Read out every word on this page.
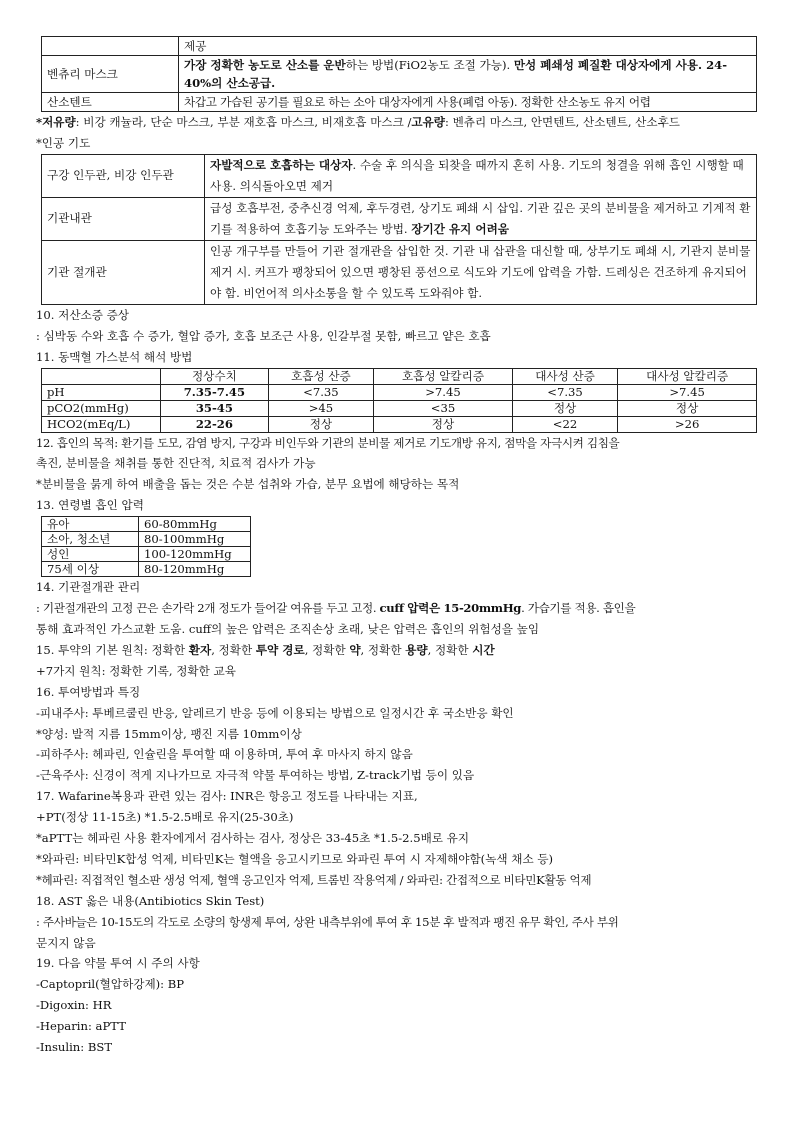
	제공
벤츄리 마스크	가장 정확한 농도로 산소를 운반하는 방법(FiO2농도 조절 가능). 만성 폐쇄성 폐질환 대상자에게 사용. 24-40%의 산소공급.
산소텐트	차갑고 가습된 공기를 필요로 하는 소아 대상자에게 사용(폐렴 아동). 정확한 산소농도 유지 어렵
*저유량: 비강 캐뉼라, 단순 마스크, 부분 재호흡 마스크, 비재호흡 마스크 /고유량: 벤츄리 마스크, 안면텐트, 산소텐트, 산소후드
*인공 기도
구강 인두관, 비강 인두관	자발적으로 호흡하는 대상자. 수술 후 의식을 되찾을 때까지 혼히 사용. 기도의 청결을 위해 흡인 시행할 때 사용. 의식돌아오면 제거
기관내관	급성 호흡부전, 중추신경 억제, 후두경련, 상기도 폐쇄 시 삽입. 기관 깊은 곳의 분비물을 제거하고 기계적 환기를 적용하여 호흡기능 도와주는 방법. 장기간 유지 어려움
기관 절개관	인공 개구부를 만들어 기관 절개관을 삽입한 것. 기관 내 삽관을 대신할 때, 상부기도 폐쇄 시, 기관지 분비물 제거 시. 커프가 팽창되어 있으면 팽창된 풍선으로 식도와 기도에 압력을 가함. 드레싱은 건조하게 유지되어야 함. 비언어적 의사소통을 할 수 있도록 도와줘야 함.
10. 저산소증 증상
: 심박동 수와 호흡 수 증가, 혈압 증가, 호흡 보조근 사용, 인갈부절 못함, 빠르고 얕은 호흡
11. 동맥혈 가스분석 해석 방법
	정상수치	호흡성 산증	호흡성 알칼리증	대사성 산증	대사성 알칼리증
pH	7.35-7.45	<7.35	>7.45	<7.35	>7.45
pCO2(mmHg)	35-45	>45	<35	정상	정상
HCO2(mEq/L)	22-26	정상	정상	<22	>26
12. 흡인의 목적: 환기를 도모, 감염 방지, 구강과 비인두와 기관의 분비물 제거로 기도개방 유지, 점막을 자극시켜 김침을
촉진, 분비물을 채취를 통한 진단적, 치료적 검사가 가능
*분비물을 묽게 하여 배출을 돕는 것은 수분 섭취와 가습, 분무 요법에 해당하는 목적
13. 연령별 흡인 압력
유아	60-80mmHg
소아, 청소년	80-100mmHg
성인	100-120mmHg
75세 이상	80-120mmHg
14. 기관절개관 관리
: 기관절개관의 고정 끈은 손가락 2개 정도가 들어갈 여유를 두고 고정. cuff 압력은 15-20mmHg. 가습기를 적용. 흡인을
통해 효과적인 가스교환 도움. cuff의 높은 압력은 조직손상 초래, 낮은 압력은 흡인의 위험성을 높임
15. 투약의 기본 원칙: 정확한 환자, 정확한 투약 경로, 정확한 약, 정확한 용량, 정확한 시간
+7가지 원칙: 정확한 기록, 정확한 교육
16. 투여방법과 특징
-피내주사: 투베르쿨린 반응, 알레르기 반응 등에 이용되는 방법으로 일정시간 후 국소반응 확인
*양성: 발적 지름 15mm이상, 팽진 지름 10mm이상
-피하주사: 헤파린, 인슐린을 투여할 때 이용하며, 투여 후 마사지 하지 않음
-근육주사: 신경이 적게 지나가므로 자극적 약물 투여하는 방법, Z-track기법 등이 있음
17. Wafarine복용과 관련 있는 검사: INR은 항응고 정도를 나타내는 지표,
+PT(정상 11-15초) *1.5-2.5배로 유지(25-30초)
*aPTT는 헤파린 사용 환자에게서 검사하는 검사, 정상은 33-45초 *1.5-2.5배로 유지
*와파린: 비타민K합성 억제, 비타민K는 혈액을 응고시키므로 와파린 투여 시 자제해야함(녹색 채소 등)
*헤파린: 직접적인 혈소판 생성 억제, 혈액 응고인자 억제, 트롬빈 작용억제 / 와파린: 간접적으로 비타민K활동 억제
18. AST 옳은 내용(Antibiotics Skin Test)
: 주사바늘은 10-15도의 각도로 소량의 항생제 투여, 상완 내측부위에 투여 후 15분 후 발적과 팽진 유무 확인, 주사 부위
문지지 않음
19. 다음 약물 투여 시 주의 사항
-Captopril(혈압하강제): BP
-Digoxin: HR
-Heparin: aPTT
-Insulin: BST
